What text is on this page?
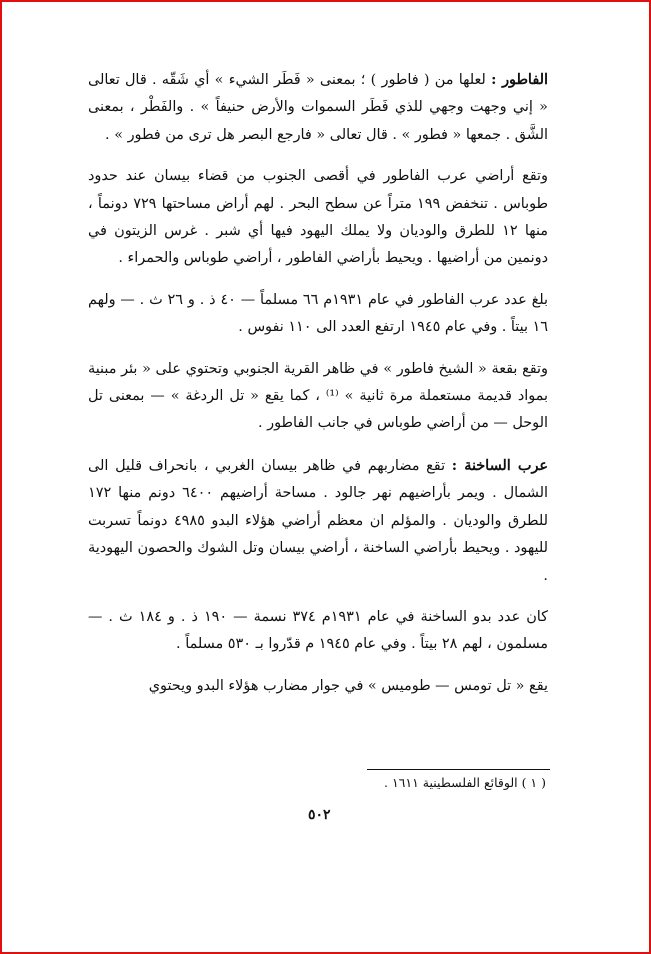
الفاطور : لعلها من ( فاطور ) ؛ بمعنى « فَطَر الشيء » أي شَقّه . قال تعالى « إني وجهت وجهي للذي فَطَر السموات والأرض حنيفاً » . والفَطْر ، بمعنى الشَّق . جمعها « فطور » . قال تعالى « فارجع البصر هل ترى من فطور » .

وتقع أراضي عرب الفاطور في أقصى الجنوب من قضاء بيسان عند حدود طوباس . تنخفض ١٩٩ متراً عن سطح البحر . لهم أراض مساحتها ٧٢٩ دونماً ، منها ١٢ للطرق والوديان ولا يملك اليهود فيها أي شبر . غرس الزيتون في دونمين من أراضيها . ويحيط بأراضي الفاطور ، أراضي طوباس والحمراء .

بلغ عدد عرب الفاطور في عام ١٩٣١م ٦٦ مسلماً — ٤٠ ذ . و ٢٦ ث . — ولهم ١٦ بيتاً . وفي عام ١٩٤٥ ارتفع العدد الى ١١٠ نفوس .

وتقع بقعة « الشيخ فاطور » في ظاهر القرية الجنوبي وتحتوي على « بئر مبنية بمواد قديمة مستعملة مرة ثانية » ⁽¹⁾ ، كما يقع « تل الردغة » — بمعنى تل الوحل — من أراضي طوباس في جانب الفاطور .

عرب الساخنة : تقع مضاربهم في ظاهر بيسان الغربي ، بانحراف قليل الى الشمال . ويمر بأراضيهم نهر جالود . مساحة أراضيهم ٦٤٠٠ دونم منها ١٧٢ للطرق والوديان . والمؤلم ان معظم أراضي هؤلاء البدو ٤٩٨٥ دونماً تسربت لليهود . ويحيط بأراضي الساخنة ، أراضي بيسان وتل الشوك والحصون اليهودية .

كان عدد بدو الساخنة في عام ١٩٣١م ٣٧٤ نسمة — ١٩٠ ذ . و ١٨٤ ث . — مسلمون ، لهم ٢٨ بيتاً . وفي عام ١٩٤٥ م قدّروا بـ ٥٣٠ مسلماً .

يقع « تل تومس — طوميس » في جوار مضارب هؤلاء البدو ويحتوي

( ١ ) الوقائع الفلسطينية ١٦١١ .
٥٠٢
